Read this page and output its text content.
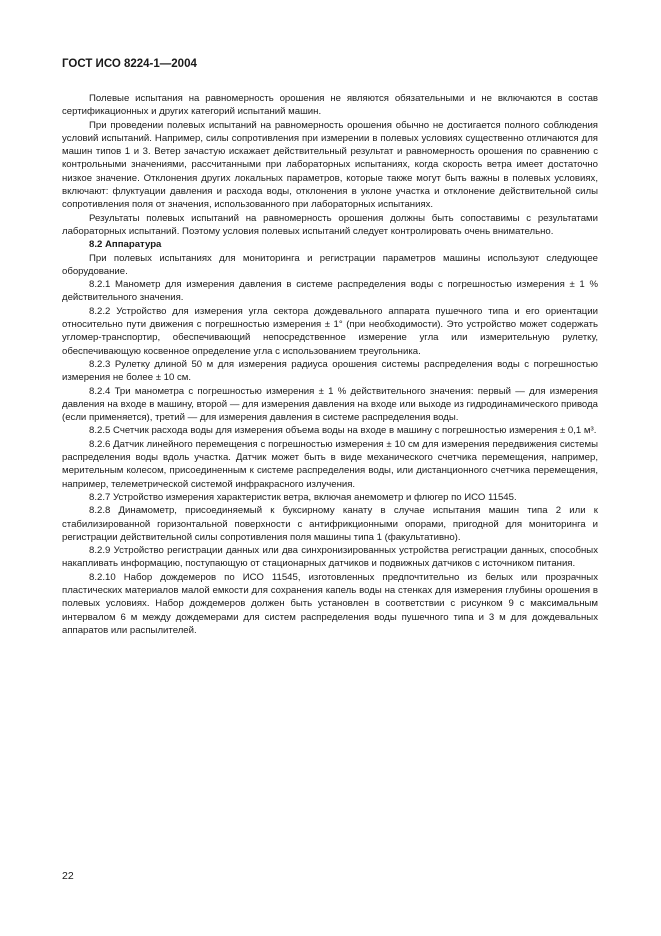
ГОСТ ИСО 8224-1—2004

Полевые испытания на равномерность орошения не являются обязательными и не включаются в состав сертификационных и других категорий испытаний машин.

При проведении полевых испытаний на равномерность орошения обычно не достигается полного соблюдения условий испытаний. Например, силы сопротивления при измерении в полевых условиях существенно отличаются для машин типов 1 и 3. Ветер зачастую искажает действительный результат и равномерность орошения по сравнению с контрольными значениями, рассчитанными при лабораторных испытаниях, когда скорость ветра имеет достаточно низкое значение. Отклонения других локальных параметров, которые также могут быть важны в полевых условиях, включают: флуктуации давления и расхода воды, отклонения в уклоне участка и отклонение действительной силы сопротивления поля от значения, использованного при лабораторных испытаниях.

Результаты полевых испытаний на равномерность орошения должны быть сопоставимы с результатами лабораторных испытаний. Поэтому условия полевых испытаний следует контролировать очень внимательно.

8.2 Аппаратура

При полевых испытаниях для мониторинга и регистрации параметров машины используют следующее оборудование.

8.2.1 Манометр для измерения давления в системе распределения воды с погрешностью измерения ± 1 % действительного значения.

8.2.2 Устройство для измерения угла сектора дождевального аппарата пушечного типа и его ориентации относительно пути движения с погрешностью измерения ± 1° (при необходимости). Это устройство может содержать угломер-транспортир, обеспечивающий непосредственное измерение угла или измерительную рулетку, обеспечивающую косвенное определение угла с использованием треугольника.

8.2.3 Рулетку длиной 50 м для измерения радиуса орошения системы распределения воды с погрешностью измерения не более ± 10 см.

8.2.4 Три манометра с погрешностью измерения ± 1 % действительного значения: первый — для измерения давления на входе в машину, второй — для измерения давления на входе или выходе из гидродинамического привода (если применяется), третий — для измерения давления в системе распределения воды.

8.2.5 Счетчик расхода воды для измерения объема воды на входе в машину с погрешностью измерения ± 0,1 м³.

8.2.6 Датчик линейного перемещения с погрешностью измерения ± 10 см для измерения передвижения системы распределения воды вдоль участка. Датчик может быть в виде механического счетчика перемещения, например, мерительным колесом, присоединенным к системе распределения воды, или дистанционного счетчика перемещения, например, телеметрической системой инфракрасного излучения.

8.2.7 Устройство измерения характеристик ветра, включая анемометр и флюгер по ИСО 11545.

8.2.8 Динамометр, присоединяемый к буксирному канату в случае испытания машин типа 2 или к стабилизированной горизонтальной поверхности с антифрикционными опорами, пригодной для мониторинга и регистрации действительной силы сопротивления поля машины типа 1 (факультативно).

8.2.9 Устройство регистрации данных или два синхронизированных устройства регистрации данных, способных накапливать информацию, поступающую от стационарных датчиков и подвижных датчиков с источником питания.

8.2.10 Набор дождемеров по ИСО 11545, изготовленных предпочтительно из белых или прозрачных пластических материалов малой емкости для сохранения капель воды на стенках для измерения глубины орошения в полевых условиях. Набор дождемеров должен быть установлен в соответствии с рисунком 9 с максимальным интервалом 6 м между дождемерами для систем распределения воды пушечного типа и 3 м для дождевальных аппаратов или распылителей.

22
